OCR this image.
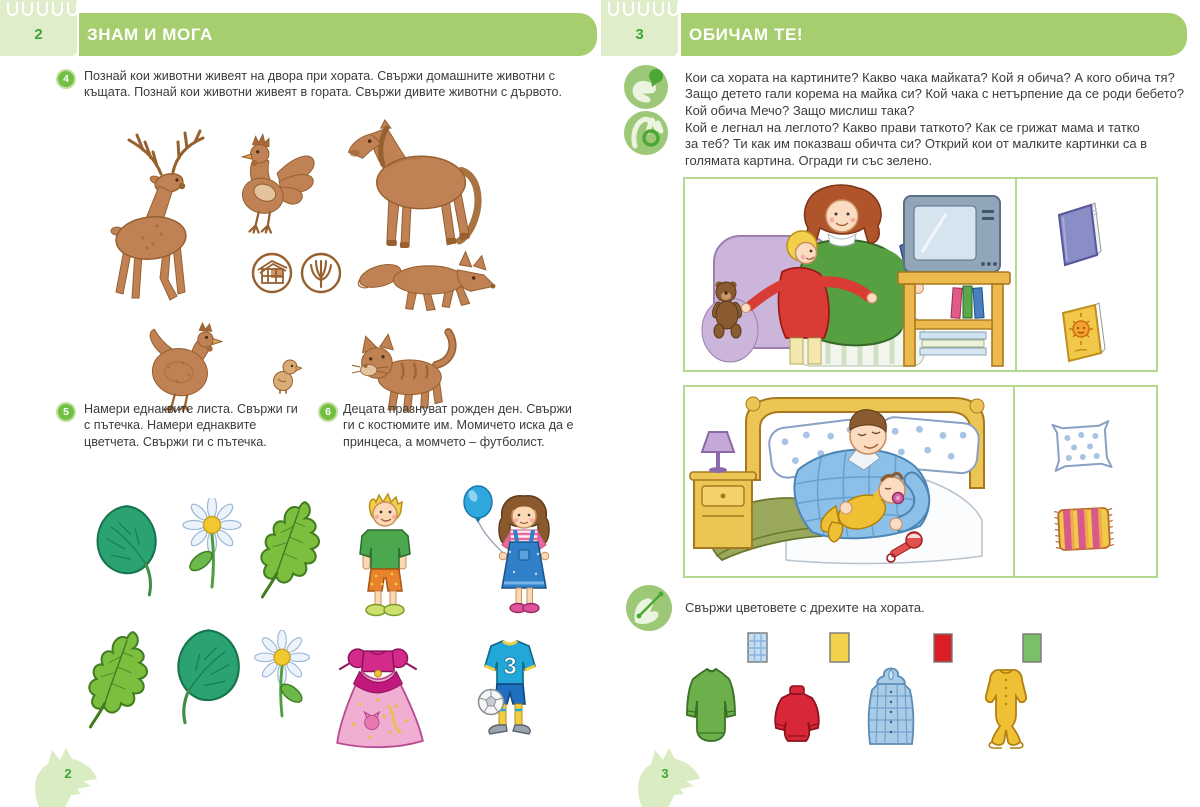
2	ЗНАМ И МОГА
4	Познай кои животни живеят на двора при хората. Свържи домашните животни с къщата. Познай кои животни живеят в гората. Свържи дивите животни с дървото.
5	Намери еднаквите листа. Свържи ги с пътечка. Намери еднаквите цветчета. Свържи ги с пътечка.
6 Децата празнуват рожден ден. Свържи ги с костюмите им. Момичето иска да е принцеса, а момчето – футболист.
3
2
3	ОБИЧАМ ТЕ!
Кои са хората на картините? Какво чака майката? Кой я обича? А кого обича тя? Защо детето гали корема на майка си? Кой чака с нетърпение да се роди бебето? Кой обича Мечо? Защо мислиш така?
Кой е легнал на леглото? Какво прави таткото? Как се грижат мама и татко за теб? Ти как им показваш обичта си? Открий кои от малките картинки са в голямата картина. Огради ги със зелено.
Свържи цветовете с дрехите на хората.
3
